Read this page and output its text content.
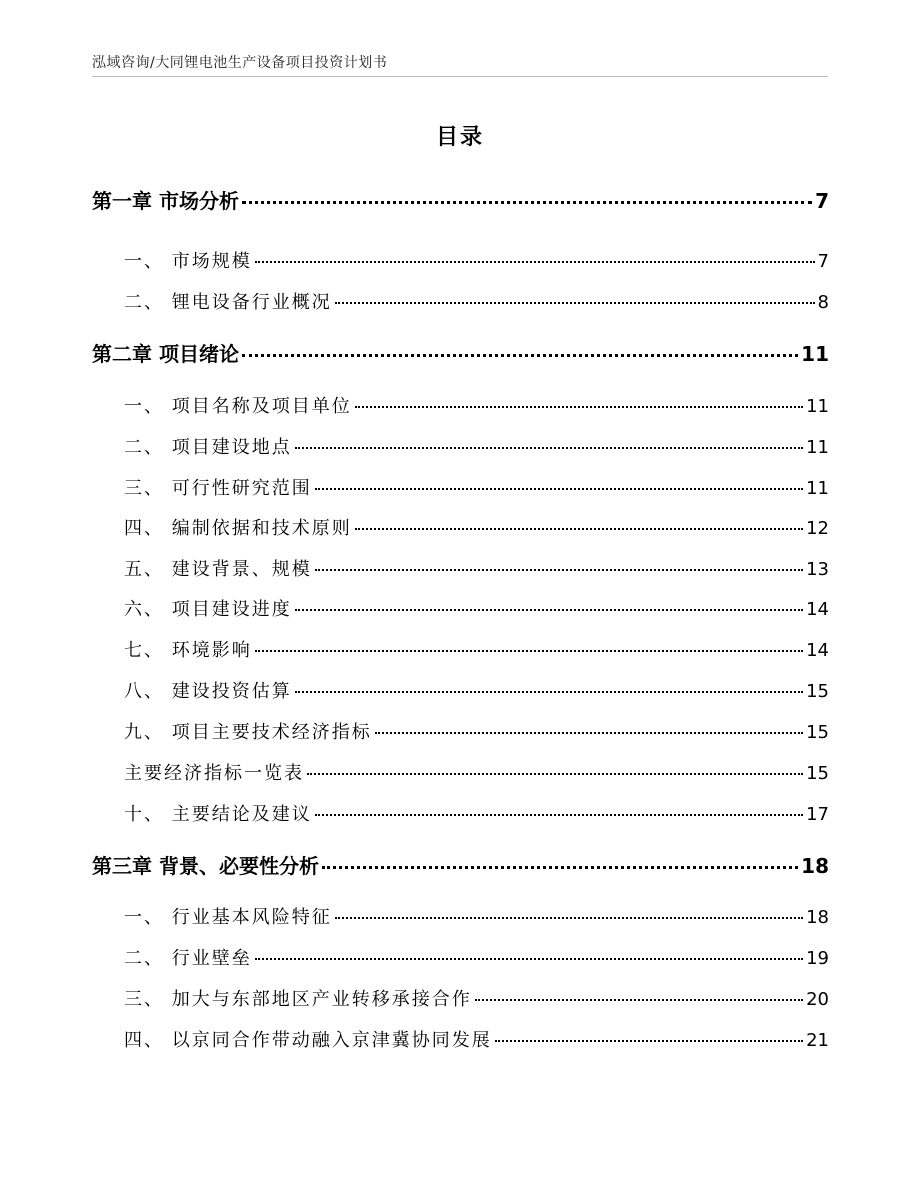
泓域咨询/大同锂电池生产设备项目投资计划书
目录
第一章 市场分析	7
一、 市场规模	7
二、 锂电设备行业概况	8
第二章 项目绪论	11
一、 项目名称及项目单位	11
二、 项目建设地点	11
三、 可行性研究范围	11
四、 编制依据和技术原则	12
五、 建设背景、规模	13
六、 项目建设进度	14
七、 环境影响	14
八、 建设投资估算	15
九、 项目主要技术经济指标	15
主要经济指标一览表	15
十、 主要结论及建议	17
第三章 背景、必要性分析	18
一、 行业基本风险特征	18
二、 行业壁垒	19
三、 加大与东部地区产业转移承接合作	20
四、 以京同合作带动融入京津冀协同发展	21
